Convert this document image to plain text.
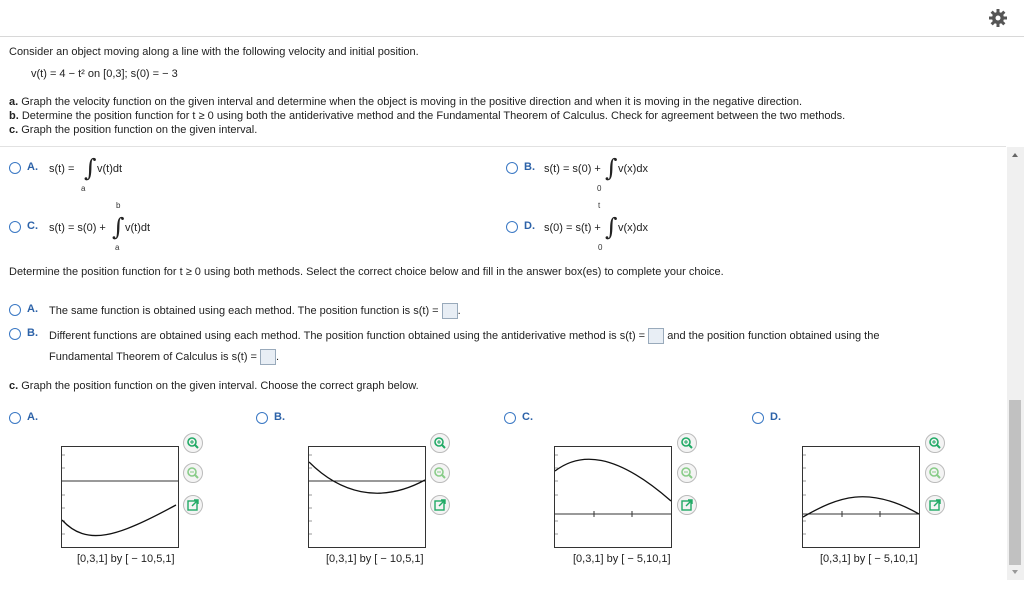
Consider an object moving along a line with the following velocity and initial position.
v(t) = 4 − t² on [0,3]; s(0) = − 3
a. Graph the velocity function on the given interval and determine when the object is moving in the positive direction and when it is moving in the negative direction.
b. Determine the position function for t ≥ 0 using both the antiderivative method and the Fundamental Theorem of Calculus. Check for agreement between the two methods.
c. Graph the position function on the given interval.
A. s(t) = ∫
a
v(t)dt	B. s(t) = s(0) + ∫
0
v(x)dx
C. s(t) = s(0) + ∫
b
a
v(t)dt	D. s(0) = s(t) + ∫
t
0
v(x)dx
Determine the position function for t ≥ 0 using both methods. Select the correct choice below and fill in the answer box(es) to complete your choice.
A. The same function is obtained using each method. The position function is s(t) = .
B. Different functions are obtained using each method. The position function obtained using the antiderivative method is s(t) = and the position function obtained using the
Fundamental Theorem of Calculus is s(t) = .
c. Graph the position function on the given interval. Choose the correct graph below.
A.
[0,3,1] by [ − 10,5,1]
B.
[0,3,1] by [ − 10,5,1]
C.
[0,3,1] by [ − 5,10,1]
D.
[0,3,1] by [ − 5,10,1]
